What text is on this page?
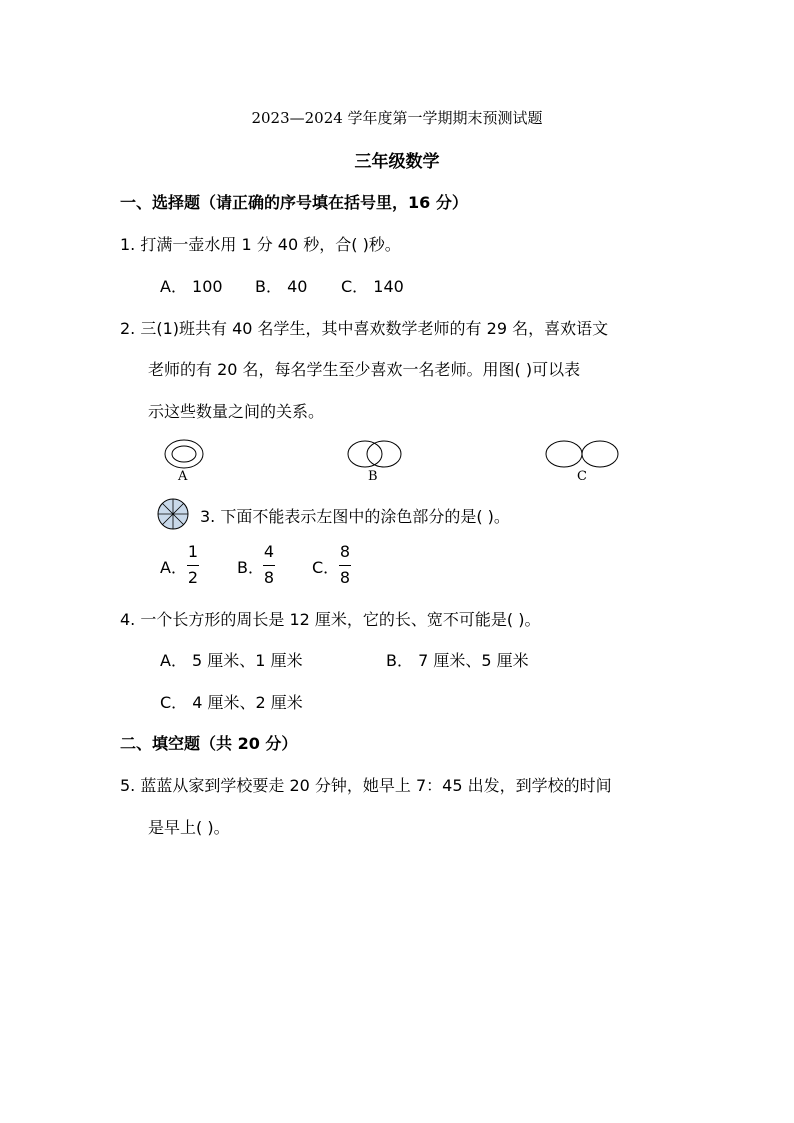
2023—2024 学年度第一学期期末预测试题
三年级数学
一、选择题（请正确的序号填在括号里，16 分）
1. 打满一壶水用 1 分 40 秒，合( )秒。
A． 100 B． 40 C． 140
2. 三(1)班共有 40 名学生，其中喜欢数学老师的有 29 名，喜欢语文
老师的有 20 名，每名学生至少喜欢一名老师。用图( )可以表
示这些数量之间的关系。
A	B	C
3. 下面不能表示左图中的涂色部分的是( )。
A．
1
2
B．
4
8
C．
8
8
4. 一个长方形的周长是 12 厘米，它的长、宽不可能是( )。
A． 5 厘米、1 厘米	B． 7 厘米、5 厘米
C． 4 厘米、2 厘米
二、填空题（共 20 分）
5. 蓝蓝从家到学校要走 20 分钟，她早上 7：45 出发，到学校的时间
是早上( )。
